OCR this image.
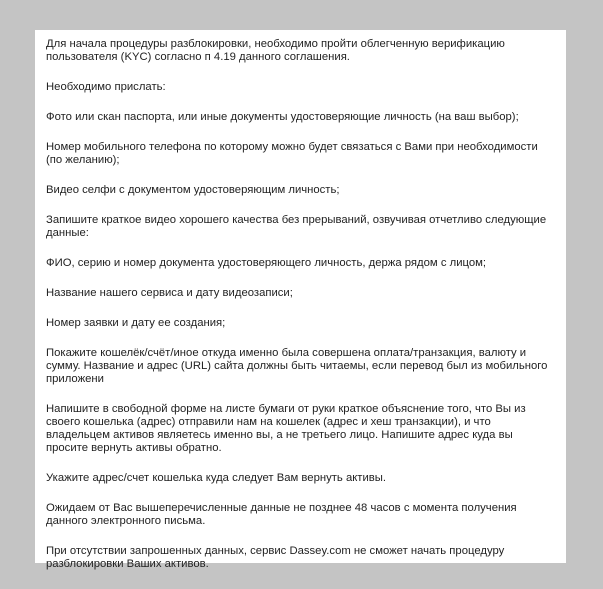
Для начала процедуры разблокировки, необходимо пройти облегченную верификацию пользователя (KYC) согласно п 4.19 данного соглашения.

Необходимо прислать:

Фото или скан паспорта, или иные документы удостоверяющие личность (на ваш выбор);

Номер мобильного телефона по которому можно будет связаться с Вами при необходимости (по желанию);

Видео селфи с документом удостоверяющим личность;

Запишите краткое видео хорошего качества без прерываний, озвучивая отчетливо следующие данные:

ФИО, серию и номер документа удостоверяющего личность, держа рядом с лицом;

Название нашего сервиса и дату видеозаписи;

Номер заявки и дату ее создания;

Покажите кошелёк/счёт/иное откуда именно была совершена оплата/транзакция, валюту и сумму. Название и адрес (URL) сайта должны быть читаемы, если перевод был из мобильного приложени

Напишите в свободной форме на листе бумаги от руки краткое объяснение того, что Вы из своего кошелька (адрес) отправили нам на кошелек (адрес и хеш транзакции), и что владельцем активов являетесь именно вы, а не третьего лицо. Напишите адрес куда вы просите вернуть активы обратно.

Укажите адрес/счет кошелька куда следует Вам вернуть активы.

Ожидаем от Вас вышеперечисленные данные не позднее 48 часов с момента получения данного электронного письма.

При отсутствии запрошенных данных, сервис Dassey.com не сможет начать процедуру разблокировки Ваших активов.
